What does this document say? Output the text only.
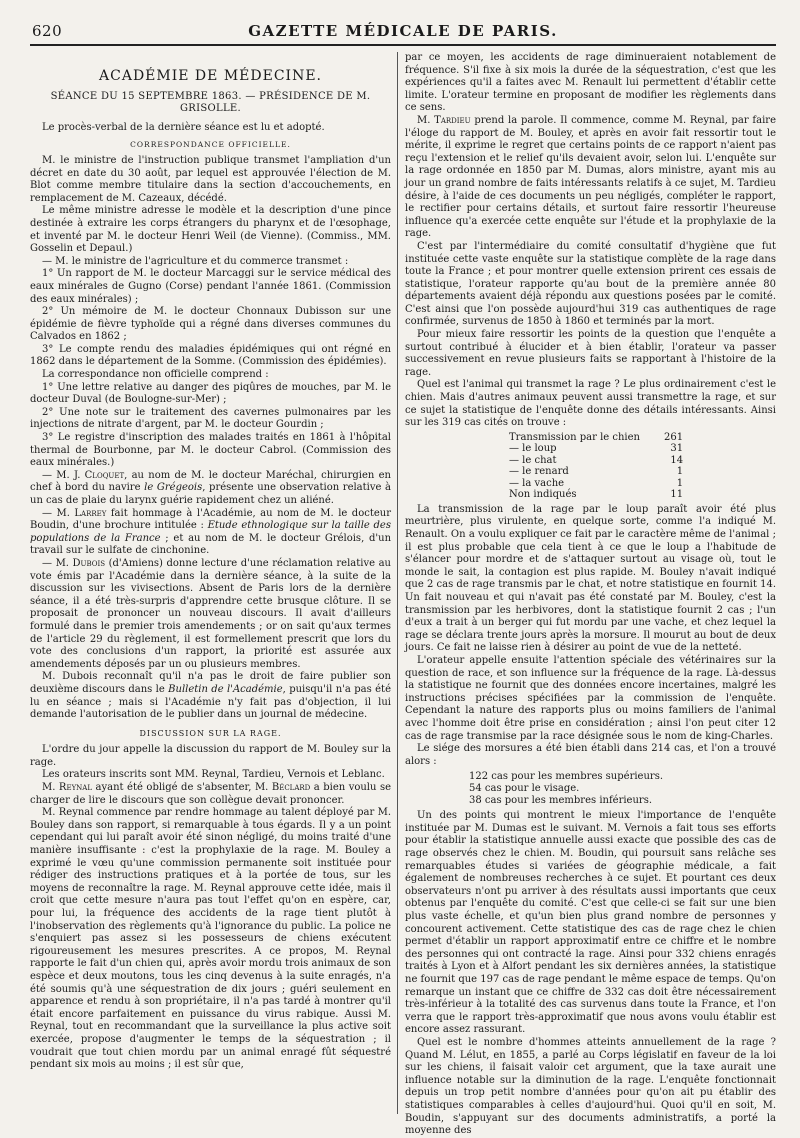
620	GAZETTE MÉDICALE DE PARIS.
ACADÉMIE DE MÉDECINE.
SÉANCE DU 15 SEPTEMBRE 1863. — PRÉSIDENCE DE M. GRISOLLE.

Le procès-verbal de la dernière séance est lu et adopté.

CORRESPONDANCE OFFICIELLE.

M. le ministre de l'instruction publique transmet l'ampliation d'un décret en date du 30 août, par lequel est approuvée l'élection de M. Blot comme membre titulaire dans la section d'accouchements, en remplacement de M. Cazeaux, décédé.

Le même ministre adresse le modèle et la description d'une pince destinée à extraire les corps étrangers du pharynx et de l'œsophage, et inventé par M. le docteur Henri Weil (de Vienne). (Commiss., MM. Gosselin et Depaul.)

— M. le ministre de l'agriculture et du commerce transmet :

1° Un rapport de M. le docteur Marcaggi sur le service médical des eaux minérales de Gugno (Corse) pendant l'année 1861. (Commission des eaux minérales) ;

2° Un mémoire de M. le docteur Chonnaux Dubisson sur une épidémie de fièvre typhoïde qui a régné dans diverses communes du Calvados en 1862 ;

3° Le compte rendu des maladies épidémiques qui ont régné en 1862 dans le département de la Somme. (Commission des épidémies).

La correspondance non officielle comprend :

1° Une lettre relative au danger des piqûres de mouches, par M. le docteur Duval (de Boulogne-sur-Mer) ;

2° Une note sur le traitement des cavernes pulmonaires par les injections de nitrate d'argent, par M. le docteur Gourdin ;

3° Le registre d'inscription des malades traités en 1861 à l'hôpital thermal de Bourbonne, par M. le docteur Cabrol. (Commission des eaux minérales.)

— M. J. Cloquet, au nom de M. le docteur Maréchal, chirurgien en chef à bord du navire le Grégeois, présente une observation relative à un cas de plaie du larynx guérie rapidement chez un aliéné.

— M. Larrey fait hommage à l'Académie, au nom de M. le docteur Boudin, d'une brochure intitulée : Etude ethnologique sur la taille des populations de la France ; et au nom de M. le docteur Grélois, d'un travail sur le sulfate de cinchonine.

— M. Dubois (d'Amiens) donne lecture d'une réclamation relative au vote émis par l'Académie dans la dernière séance, à la suite de la discussion sur les vivisections. Absent de Paris lors de la dernière séance, il a été très-surpris d'apprendre cette brusque clôture. Il se proposait de prononcer un nouveau discours. Il avait d'ailleurs formulé dans le premier trois amendements ; or on sait qu'aux termes de l'article 29 du règlement, il est formellement prescrit que lors du vote des conclusions d'un rapport, la priorité est assurée aux amendements déposés par un ou plusieurs membres.

M. Dubois reconnaît qu'il n'a pas le droit de faire publier son deuxième discours dans le Bulletin de l'Académie, puisqu'il n'a pas été lu en séance ; mais si l'Académie n'y fait pas d'objection, il lui demande l'autorisation de le publier dans un journal de médecine.

DISCUSSION SUR LA RAGE.

L'ordre du jour appelle la discussion du rapport de M. Bouley sur la rage.

Les orateurs inscrits sont MM. Reynal, Tardieu, Vernois et Leblanc.

M. Reynal ayant été obligé de s'absenter, M. Béclard a bien voulu se charger de lire le discours que son collègue devait prononcer.

M. Reynal commence par rendre hommage au talent déployé par M. Bouley dans son rapport, si remarquable à tous égards. Il y a un point cependant qui lui paraît avoir été sinon négligé, du moins traité d'une manière insuffisante : c'est la prophylaxie de la rage. M. Bouley a exprimé le vœu qu'une commission permanente soit instituée pour rédiger des instructions pratiques et à la portée de tous, sur les moyens de reconnaître la rage. M. Reynal approuve cette idée, mais il croit que cette mesure n'aura pas tout l'effet qu'on en espère, car, pour lui, la fréquence des accidents de la rage tient plutôt à l'inobservation des règlements qu'à l'ignorance du public. La police ne s'enquiert pas assez si les possesseurs de chiens exécutent rigoureusement les mesures prescrites. A ce propos, M. Reynal rapporte le fait d'un chien qui, après avoir mordu trois animaux de son espèce et deux moutons, tous les cinq devenus à la suite enragés, n'a été soumis qu'à une séquestration de dix jours ; guéri seulement en apparence et rendu à son propriétaire, il n'a pas tardé à montrer qu'il était encore parfaitement en puissance du virus rabique. Aussi M. Reynal, tout en recommandant que la surveillance la plus active soit exercée, propose d'augmenter le temps de la séquestration ; il voudrait que tout chien mordu par un animal enragé fût séquestré pendant six mois au moins ; il est sûr que,

par ce moyen, les accidents de rage diminueraient notablement de fréquence. S'il fixe à six mois la durée de la séquestration, c'est que les expériences qu'il a faites avec M. Renault lui permettent d'établir cette limite. L'orateur termine en proposant de modifier les règlements dans ce sens.

M. Tardieu prend la parole. Il commence, comme M. Reynal, par faire l'éloge du rapport de M. Bouley, et après en avoir fait ressortir tout le mérite, il exprime le regret que certains points de ce rapport n'aient pas reçu l'extension et le relief qu'ils devaient avoir, selon lui. L'enquête sur la rage ordonnée en 1850 par M. Dumas, alors ministre, ayant mis au jour un grand nombre de faits intéressants relatifs à ce sujet, M. Tardieu désire, à l'aide de ces documents un peu négligés, compléter le rapport, le rectifier pour certains détails, et surtout faire ressortir l'heureuse influence qu'a exercée cette enquête sur l'étude et la prophylaxie de la rage.

C'est par l'intermédiaire du comité consultatif d'hygiène que fut instituée cette vaste enquête sur la statistique complète de la rage dans toute la France ; et pour montrer quelle extension prirent ces essais de statistique, l'orateur rapporte qu'au bout de la première année 80 départements avaient déjà répondu aux questions posées par le comité. C'est ainsi que l'on possède aujourd'hui 319 cas authentiques de rage confirmée, survenus de 1850 à 1860 et terminés par la mort.

Pour mieux faire ressortir les points de la question que l'enquête a surtout contribué à élucider et à bien établir, l'orateur va passer successivement en revue plusieurs faits se rapportant à l'histoire de la rage.

Quel est l'animal qui transmet la rage ? Le plus ordinairement c'est le chien. Mais d'autres animaux peuvent aussi transmettre la rage, et sur ce sujet la statistique de l'enquête donne des détails intéressants. Ainsi sur les 319 cas cités on trouve :

Transmission par le chien	261
— le loup	31
— le chat	14
— le renard	1
— la vache	1
Non indiqués	11

La transmission de la rage par le loup paraît avoir été plus meurtrière, plus virulente, en quelque sorte, comme l'a indiqué M. Renault. On a voulu expliquer ce fait par le caractère même de l'animal ; il est plus probable que cela tient à ce que le loup a l'habitude de s'élancer pour mordre et de s'attaquer surtout au visage où, tout le monde le sait, la contagion est plus rapide. M. Bouley n'avait indiqué que 2 cas de rage transmis par le chat, et notre statistique en fournit 14. Un fait nouveau et qui n'avait pas été constaté par M. Bouley, c'est la transmission par les herbivores, dont la statistique fournit 2 cas ; l'un d'eux a trait à un berger qui fut mordu par une vache, et chez lequel la rage se déclara trente jours après la morsure. Il mourut au bout de deux jours. Ce fait ne laisse rien à désirer au point de vue de la netteté.

L'orateur appelle ensuite l'attention spéciale des vétérinaires sur la question de race, et son influence sur la fréquence de la rage. Là-dessus la statistique ne fournit que des données encore incertaines, malgré les instructions précises spécifiées par la commission de l'enquête. Cependant la nature des rapports plus ou moins familiers de l'animal avec l'homme doit être prise en considération ; ainsi l'on peut citer 12 cas de rage transmise par la race désignée sous le nom de king-Charles.

Le siége des morsures a été bien établi dans 214 cas, et l'on a trouvé alors :

122 cas pour les membres supérieurs.
54 cas pour le visage.
38 cas pour les membres inférieurs.

Un des points qui montrent le mieux l'importance de l'enquête instituée par M. Dumas est le suivant. M. Vernois a fait tous ses efforts pour établir la statistique annuelle aussi exacte que possible des cas de rage observés chez le chien. M. Boudin, qui poursuit sans relâche ses remarquables études si variées de géographie médicale, a fait également de nombreuses recherches à ce sujet. Et pourtant ces deux observateurs n'ont pu arriver à des résultats aussi importants que ceux obtenus par l'enquête du comité. C'est que celle-ci se fait sur une bien plus vaste échelle, et qu'un bien plus grand nombre de personnes y concourent activement. Cette statistique des cas de rage chez le chien permet d'établir un rapport approximatif entre ce chiffre et le nombre des personnes qui ont contracté la rage. Ainsi pour 332 chiens enragés traités à Lyon et à Alfort pendant les six dernières années, la statistique ne fournit que 197 cas de rage pendant le même espace de temps. Qu'on remarque un instant que ce chiffre de 332 cas doit être nécessairement très-inférieur à la totalité des cas survenus dans toute la France, et l'on verra que le rapport très-approximatif que nous avons voulu établir est encore assez rassurant.

Quel est le nombre d'hommes atteints annuellement de la rage ? Quand M. Lélut, en 1855, a parlé au Corps législatif en faveur de la loi sur les chiens, il faisait valoir cet argument, que la taxe aurait une influence notable sur la diminution de la rage. L'enquête fonctionnait depuis un trop petit nombre d'années pour qu'on ait pu établir des statistiques comparables à celles d'aujourd'hui. Quoi qu'il en soit, M. Boudin, s'appuyant sur des documents administratifs, a porté la moyenne des
